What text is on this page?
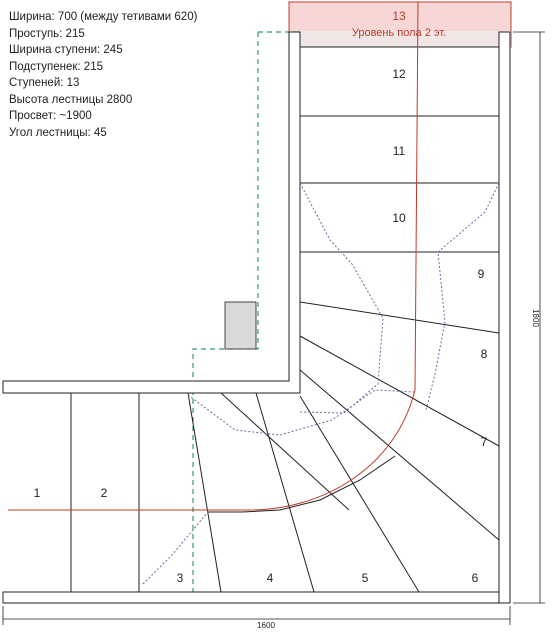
Ширина: 700 (между тетивами 620)
Проступь: 215
Ширина ступени: 245
Подступенек: 215
Ступеней: 13
Высота лестницы 2800
Просвет: ~1900
Угол лестницы: 45
1	2
3	4	5	6
7
8
9
10
11
12
13
Уровень пола 2 эт.
1600
1800
